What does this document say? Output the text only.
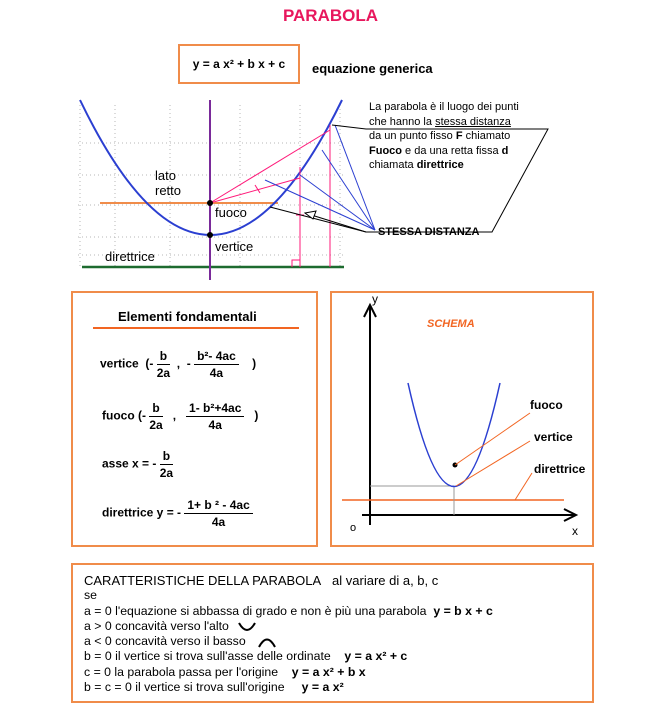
PARABOLA
y = a x² + b x + c equazione generica
lato
retto
fuoco
vertice
direttrice
STESSA DISTANZA
La parabola è il luogo dei punti
che hanno la stessa distanza
da un punto fisso F chiamato
Fuoco e da una retta fissa d
chiamata direttrice
Elementi fondamentali
vertice  (- $\frac{b}{2a}$ ,  - $\frac{\text{b²- 4ac}}{4a}$ )
fuoco (- $\frac{b}{2a}$ , $\frac{\text{1- b²+4ac}}{4a}$ )
asse x = - $\frac{b}{2a}$
direttrice y = - $\frac{\text{1+ b ² - 4ac}}{4a}$
y
x
o
SCHEMA
fuoco
vertice
direttrice
CARATTERISTICHE DELLA PARABOLA al variare di a, b, c
se
a = 0 l'equazione si abbassa di grado e non è più una parabola y = b x + c
a > 0 concavità verso l'alto
a < 0 concavità verso il basso
b = 0 il vertice si trova sull'asse delle ordinate y = a x² + c
c = 0 la parabola passa per l'origine y = a x² + b x
b = c = 0 il vertice si trova sull'origine y = a x²
